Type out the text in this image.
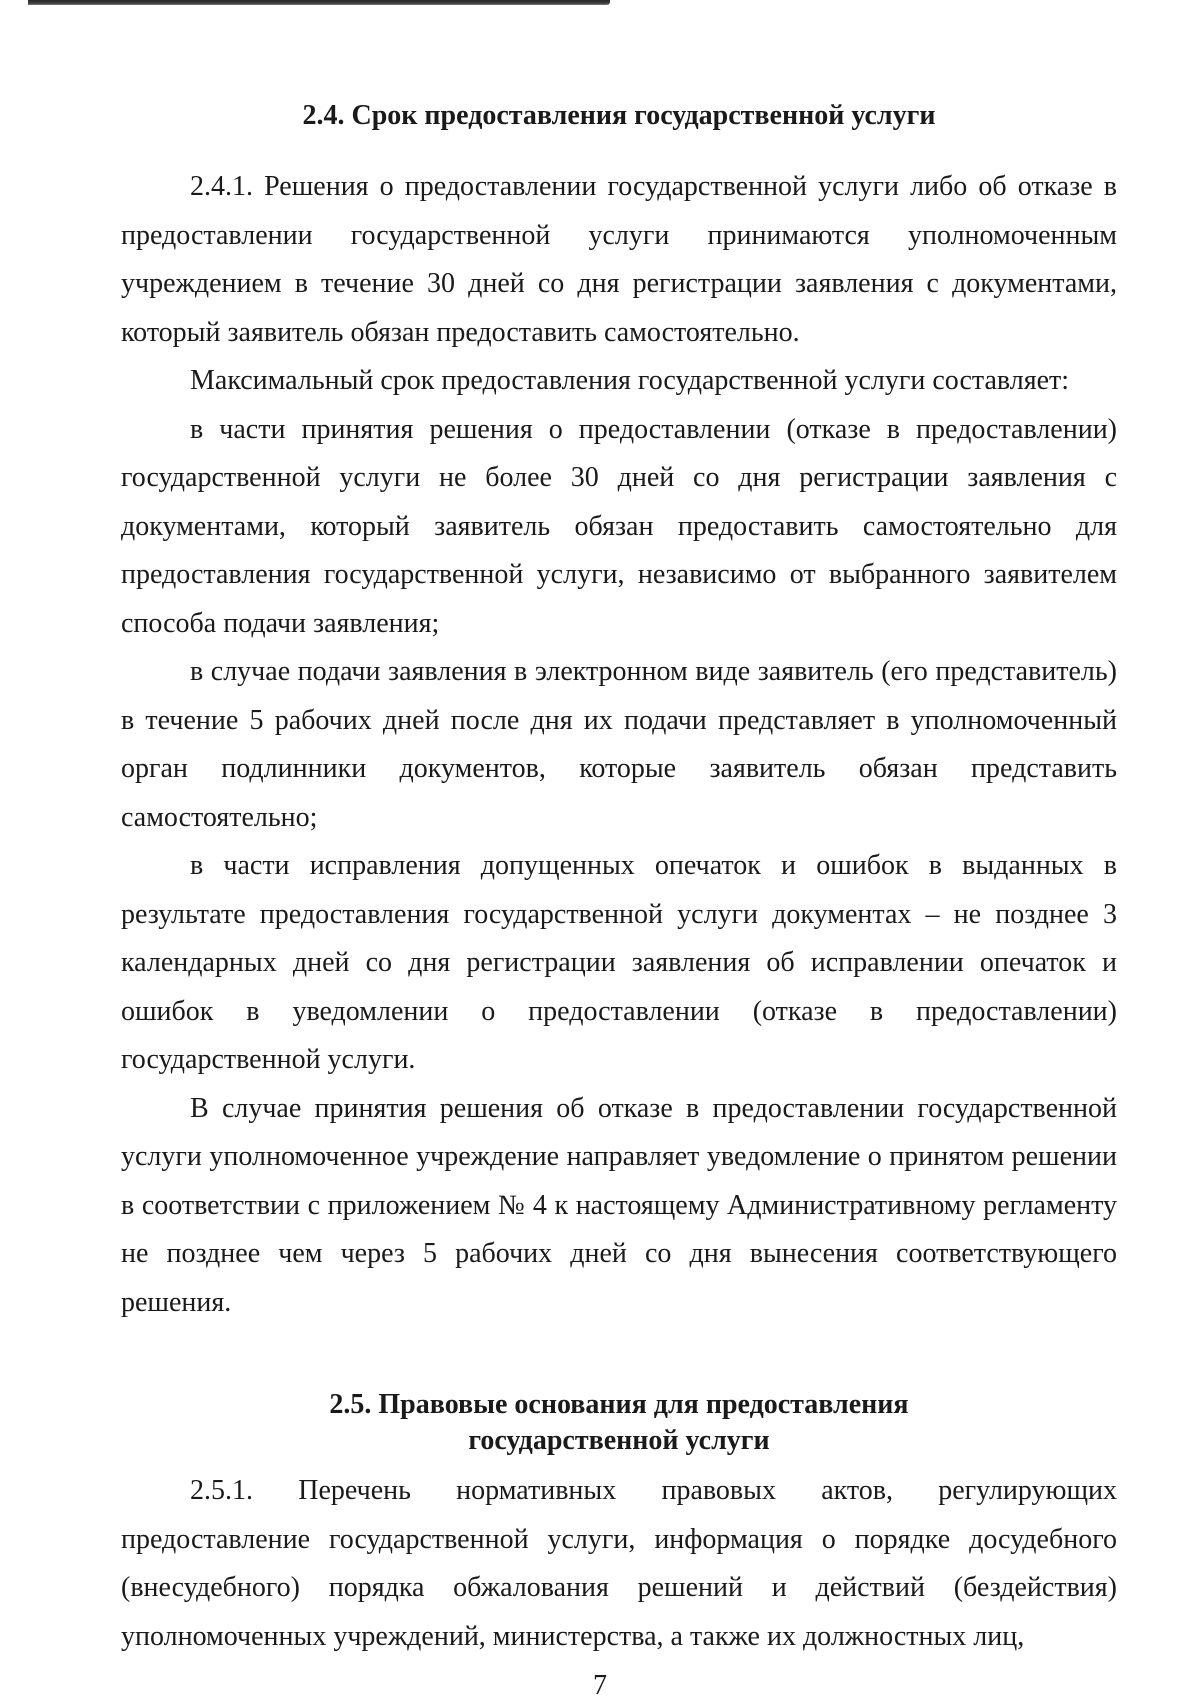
2.4. Срок предоставления государственной услуги

2.4.1. Решения о предоставлении государственной услуги либо об отказе в предоставлении государственной услуги принимаются уполномоченным учреждением в течение 30 дней со дня регистрации заявления с документами, который заявитель обязан предоставить самостоятельно.

Максимальный срок предоставления государственной услуги составляет:

в части принятия решения о предоставлении (отказе в предоставлении) государственной услуги не более 30 дней со дня регистрации заявления с документами, который заявитель обязан предоставить самостоятельно для предоставления государственной услуги, независимо от выбранного заявителем способа подачи заявления;

в случае подачи заявления в электронном виде заявитель (его представитель) в течение 5 рабочих дней после дня их подачи представляет в уполномоченный орган подлинники документов, которые заявитель обязан представить самостоятельно;

в части исправления допущенных опечаток и ошибок в выданных в результате предоставления государственной услуги документах – не позднее 3 календарных дней со дня регистрации заявления об исправлении опечаток и ошибок в уведомлении о предоставлении (отказе в предоставлении) государственной услуги.

В случае принятия решения об отказе в предоставлении государственной услуги уполномоченное учреждение направляет уведомление о принятом решении в соответствии с приложением № 4 к настоящему Административному регламенту не позднее чем через 5 рабочих дней со дня вынесения соответствующего решения.

2.5. Правовые основания для предоставления
государственной услуги

2.5.1. Перечень нормативных правовых актов, регулирующих предоставление государственной услуги, информация о порядке досудебного (внесудебного) порядка обжалования решений и действий (бездействия) уполномоченных учреждений, министерства, а также их должностных лиц,

7
